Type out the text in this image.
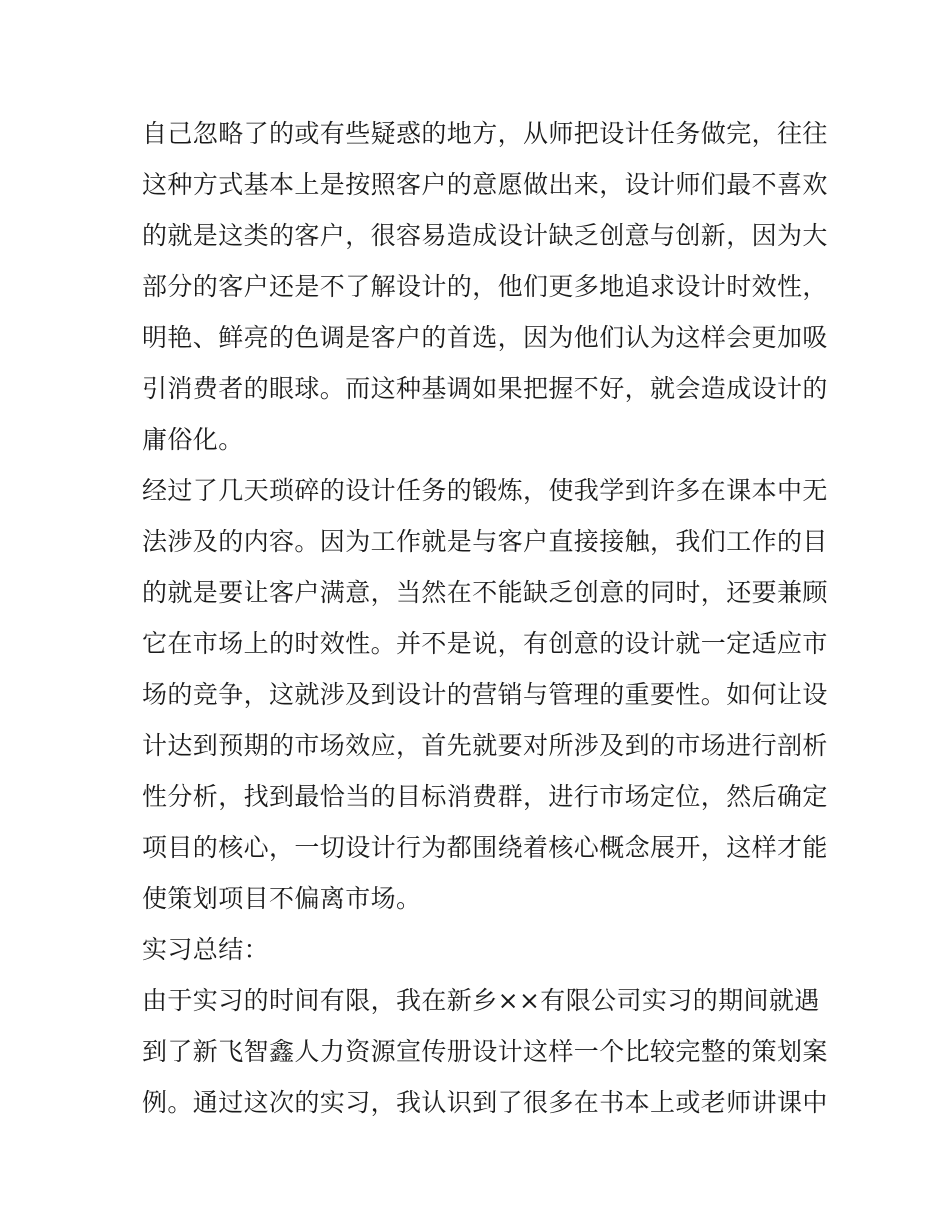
自己忽略了的或有些疑惑的地方，从师把设计任务做完，往往
这种方式基本上是按照客户的意愿做出来，设计师们最不喜欢
的就是这类的客户，很容易造成设计缺乏创意与创新，因为大
部分的客户还是不了解设计的，他们更多地追求设计时效性，
明艳、鲜亮的色调是客户的首选，因为他们认为这样会更加吸
引消费者的眼球。而这种基调如果把握不好，就会造成设计的
庸俗化。
经过了几天琐碎的设计任务的锻炼，使我学到许多在课本中无
法涉及的内容。因为工作就是与客户直接接触，我们工作的目
的就是要让客户满意，当然在不能缺乏创意的同时，还要兼顾
它在市场上的时效性。并不是说，有创意的设计就一定适应市
场的竞争，这就涉及到设计的营销与管理的重要性。如何让设
计达到预期的市场效应，首先就要对所涉及到的市场进行剖析
性分析，找到最恰当的目标消费群，进行市场定位，然后确定
项目的核心，一切设计行为都围绕着核心概念展开，这样才能
使策划项目不偏离市场。
实习总结：
由于实习的时间有限，我在新乡××有限公司实习的期间就遇
到了新飞智鑫人力资源宣传册设计这样一个比较完整的策划案
例。通过这次的实习，我认识到了很多在书本上或老师讲课中
